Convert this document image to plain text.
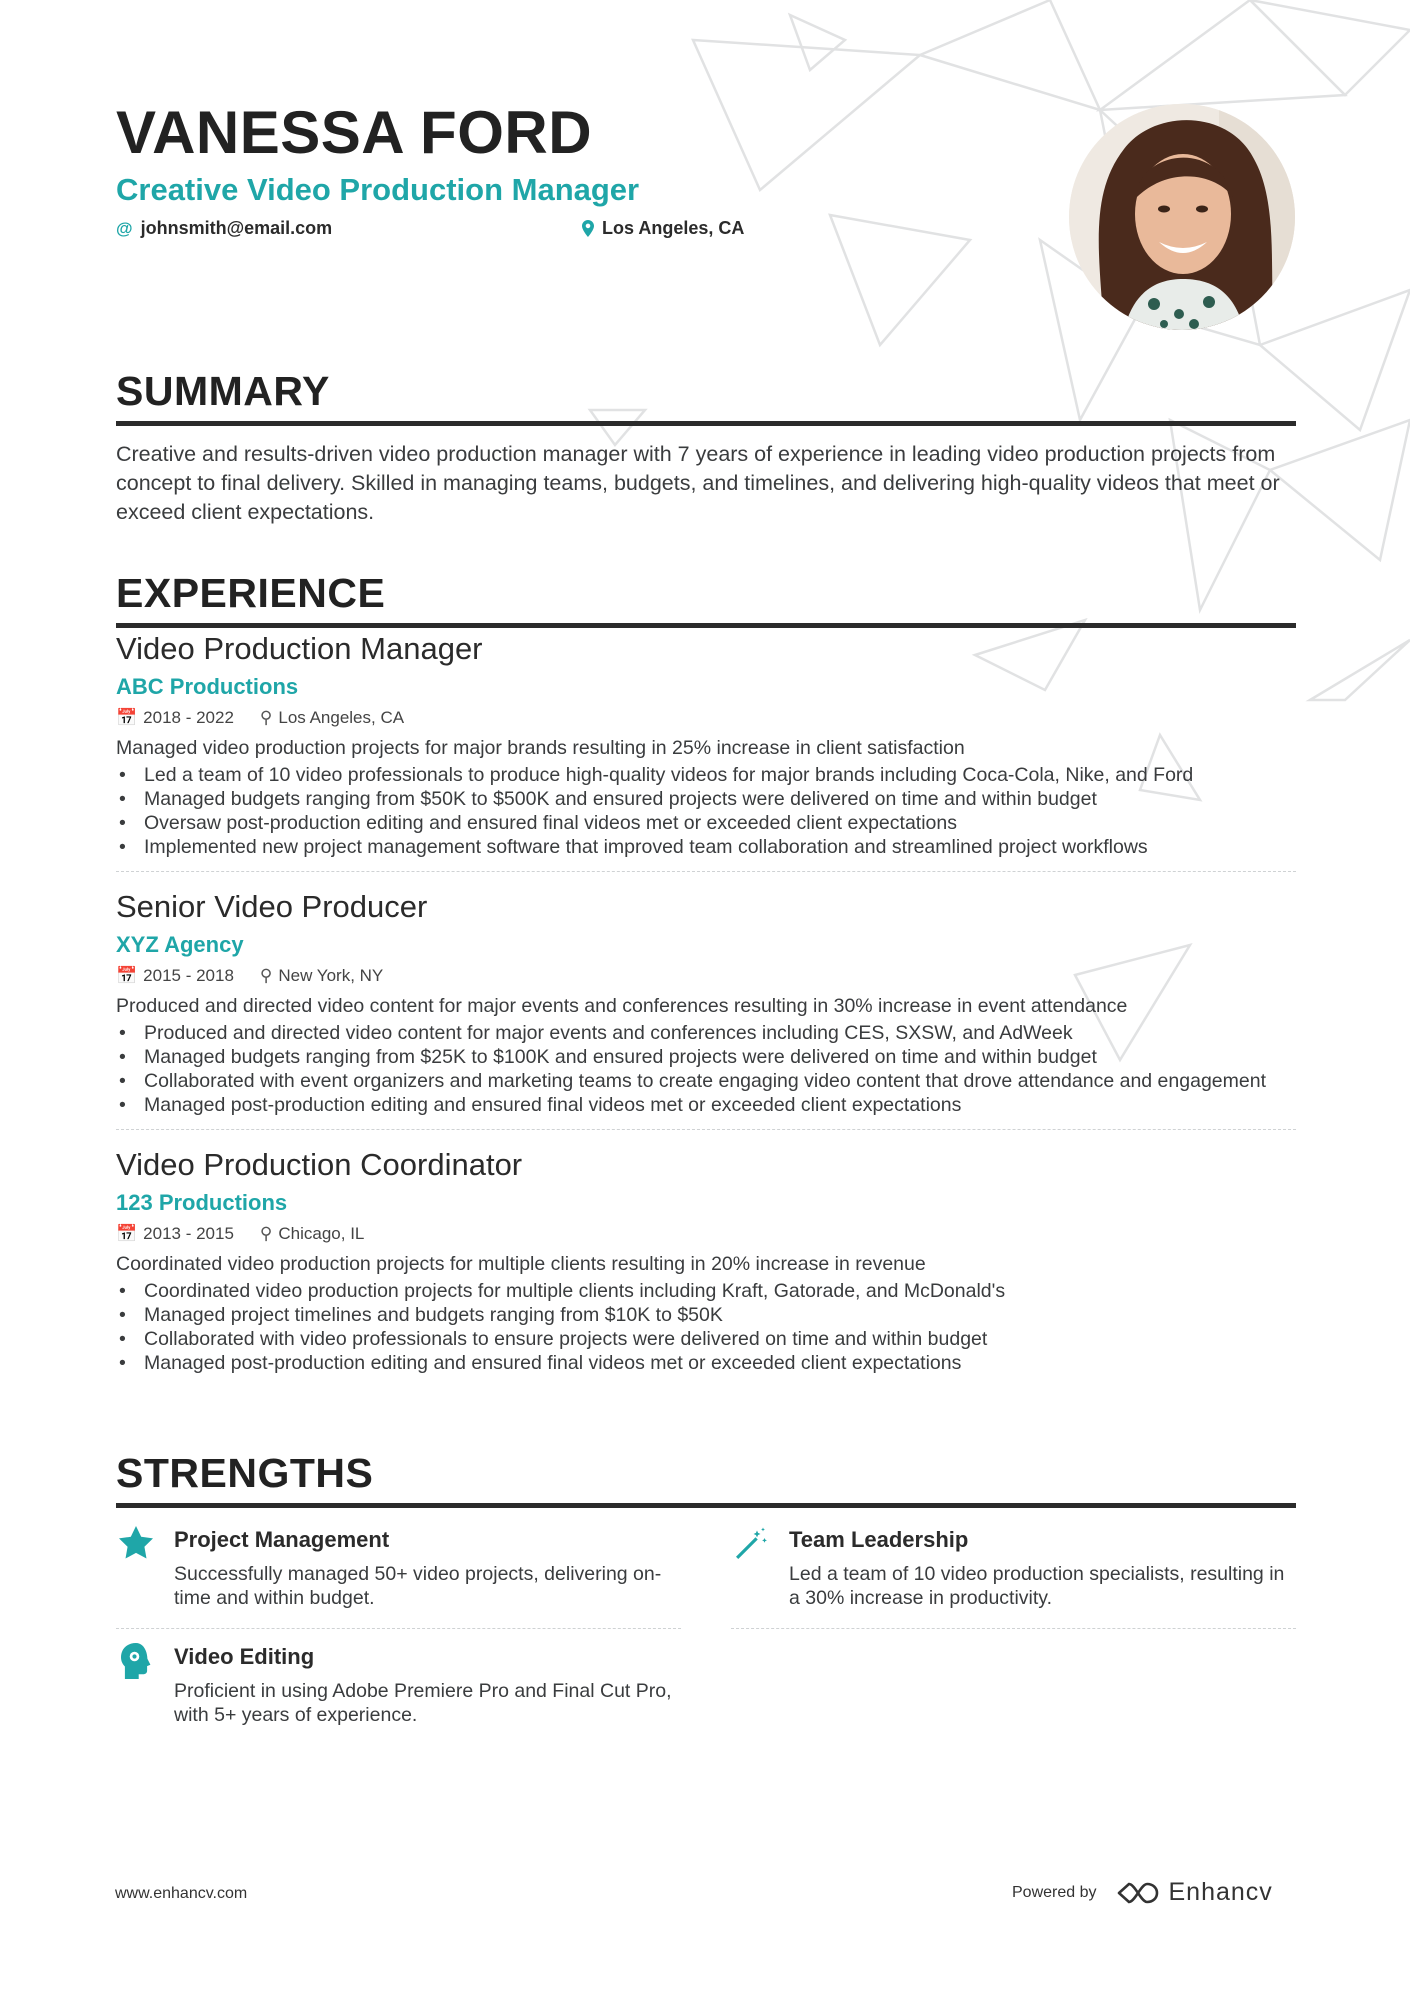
VANESSA FORD
Creative Video Production Manager
@ johnsmith@email.com	Los Angeles, CA
SUMMARY

Creative and results-driven video production manager with 7 years of experience in leading video production projects from concept to final delivery. Skilled in managing teams, budgets, and timelines, and delivering high-quality videos that meet or exceed client expectations.

EXPERIENCE
Video Production Manager
ABC Productions
📅 2018 - 2022 ⚲ Los Angeles, CA
Managed video production projects for major brands resulting in 25% increase in client satisfaction
• Led a team of 10 video professionals to produce high-quality videos for major brands including Coca-Cola, Nike, and Ford
• Managed budgets ranging from $50K to $500K and ensured projects were delivered on time and within budget
• Oversaw post-production editing and ensured final videos met or exceeded client expectations
• Implemented new project management software that improved team collaboration and streamlined project workflows
Senior Video Producer
XYZ Agency
📅 2015 - 2018 ⚲ New York, NY
Produced and directed video content for major events and conferences resulting in 30% increase in event attendance
• Produced and directed video content for major events and conferences including CES, SXSW, and AdWeek
• Managed budgets ranging from $25K to $100K and ensured projects were delivered on time and within budget
• Collaborated with event organizers and marketing teams to create engaging video content that drove attendance and engagement
• Managed post-production editing and ensured final videos met or exceeded client expectations
Video Production Coordinator
123 Productions
📅 2013 - 2015 ⚲ Chicago, IL
Coordinated video production projects for multiple clients resulting in 20% increase in revenue
• Coordinated video production projects for multiple clients including Kraft, Gatorade, and McDonald's
• Managed project timelines and budgets ranging from $10K to $50K
• Collaborated with video professionals to ensure projects were delivered on time and within budget
• Managed post-production editing and ensured final videos met or exceeded client expectations
STRENGTHS
Project Management
Successfully managed 50+ video projects, delivering on-time and within budget.
Team Leadership
Led a team of 10 video production specialists, resulting in a 30% increase in productivity.
Video Editing
Proficient in using Adobe Premiere Pro and Final Cut Pro, with 5+ years of experience.
www.enhancv.com	Powered by	Enhancv
